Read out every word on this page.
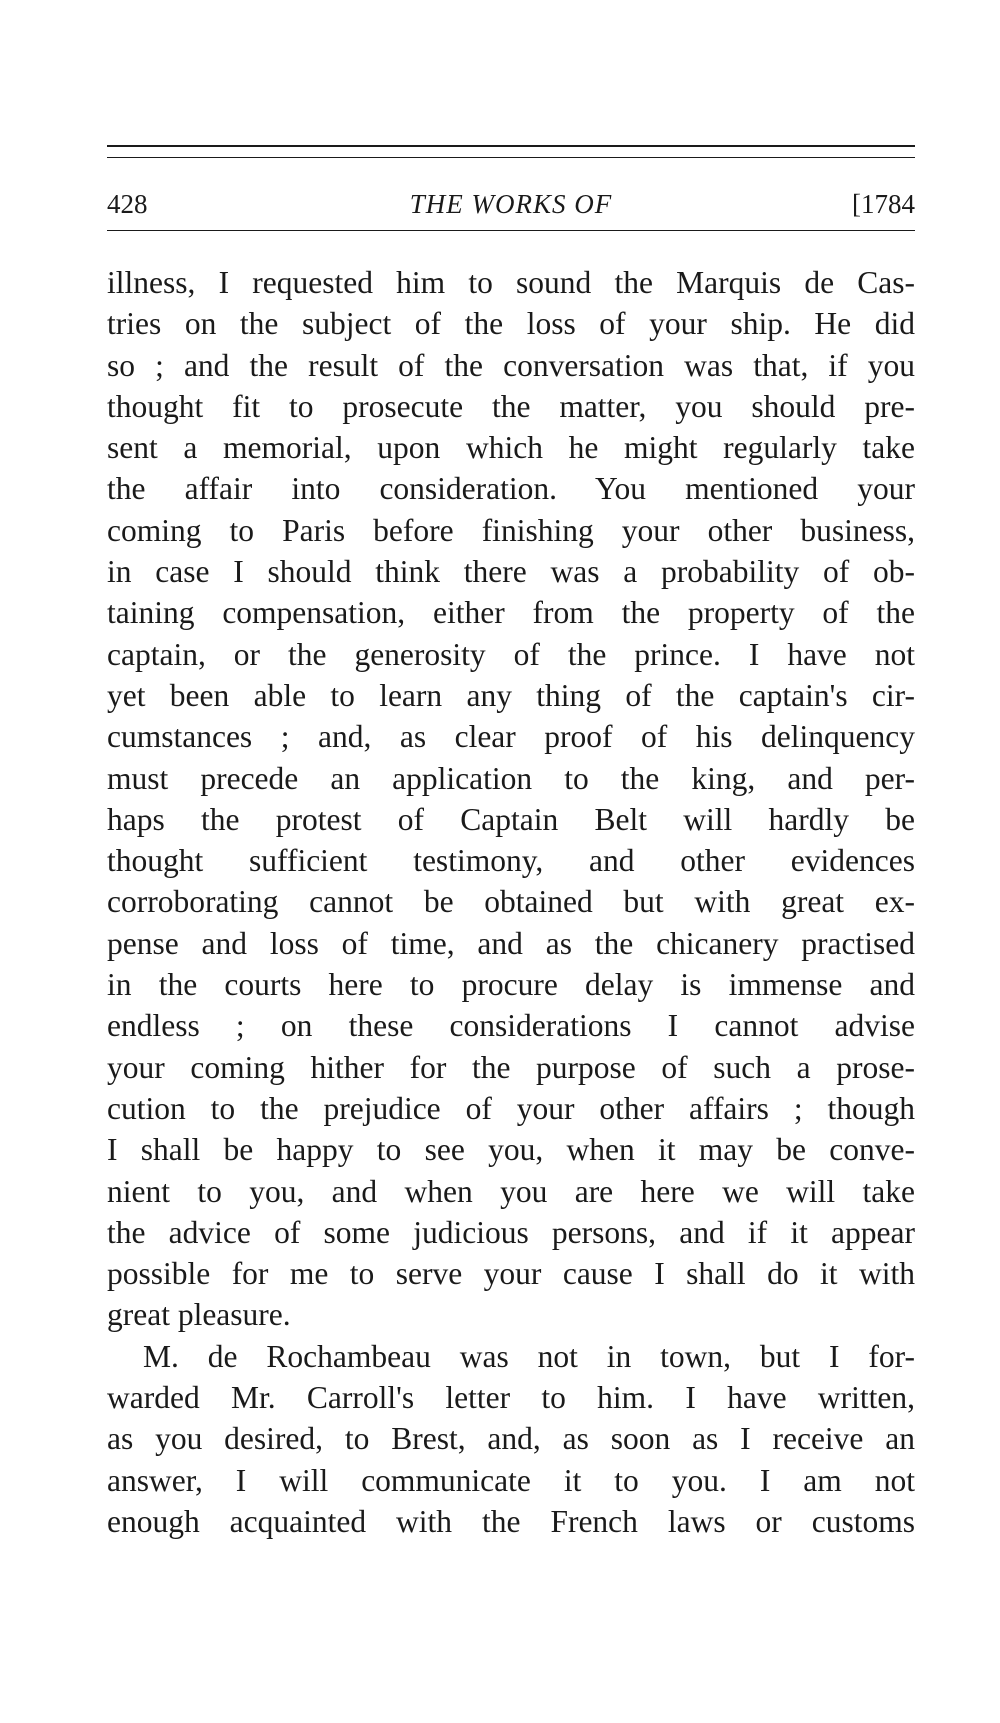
428	THE WORKS OF	[1784
illness, I requested him to sound the Marquis de Cas-
tries on the subject of the loss of your ship. He did
so ; and the result of the conversation was that, if you
thought fit to prosecute the matter, you should pre-
sent a memorial, upon which he might regularly take
the affair into consideration. You mentioned your
coming to Paris before finishing your other business,
in case I should think there was a probability of ob-
taining compensation, either from the property of the
captain, or the generosity of the prince. I have not
yet been able to learn any thing of the captain's cir-
cumstances ; and, as clear proof of his delinquency
must precede an application to the king, and per-
haps the protest of Captain Belt will hardly be
thought sufficient testimony, and other evidences
corroborating cannot be obtained but with great ex-
pense and loss of time, and as the chicanery practised
in the courts here to procure delay is immense and
endless ; on these considerations I cannot advise
your coming hither for the purpose of such a prose-
cution to the prejudice of your other affairs ; though
I shall be happy to see you, when it may be conve-
nient to you, and when you are here we will take
the advice of some judicious persons, and if it appear
possible for me to serve your cause I shall do it with
great pleasure.
M. de Rochambeau was not in town, but I for-
warded Mr. Carroll's letter to him. I have written,
as you desired, to Brest, and, as soon as I receive an
answer, I will communicate it to you. I am not
enough acquainted with the French laws or customs
